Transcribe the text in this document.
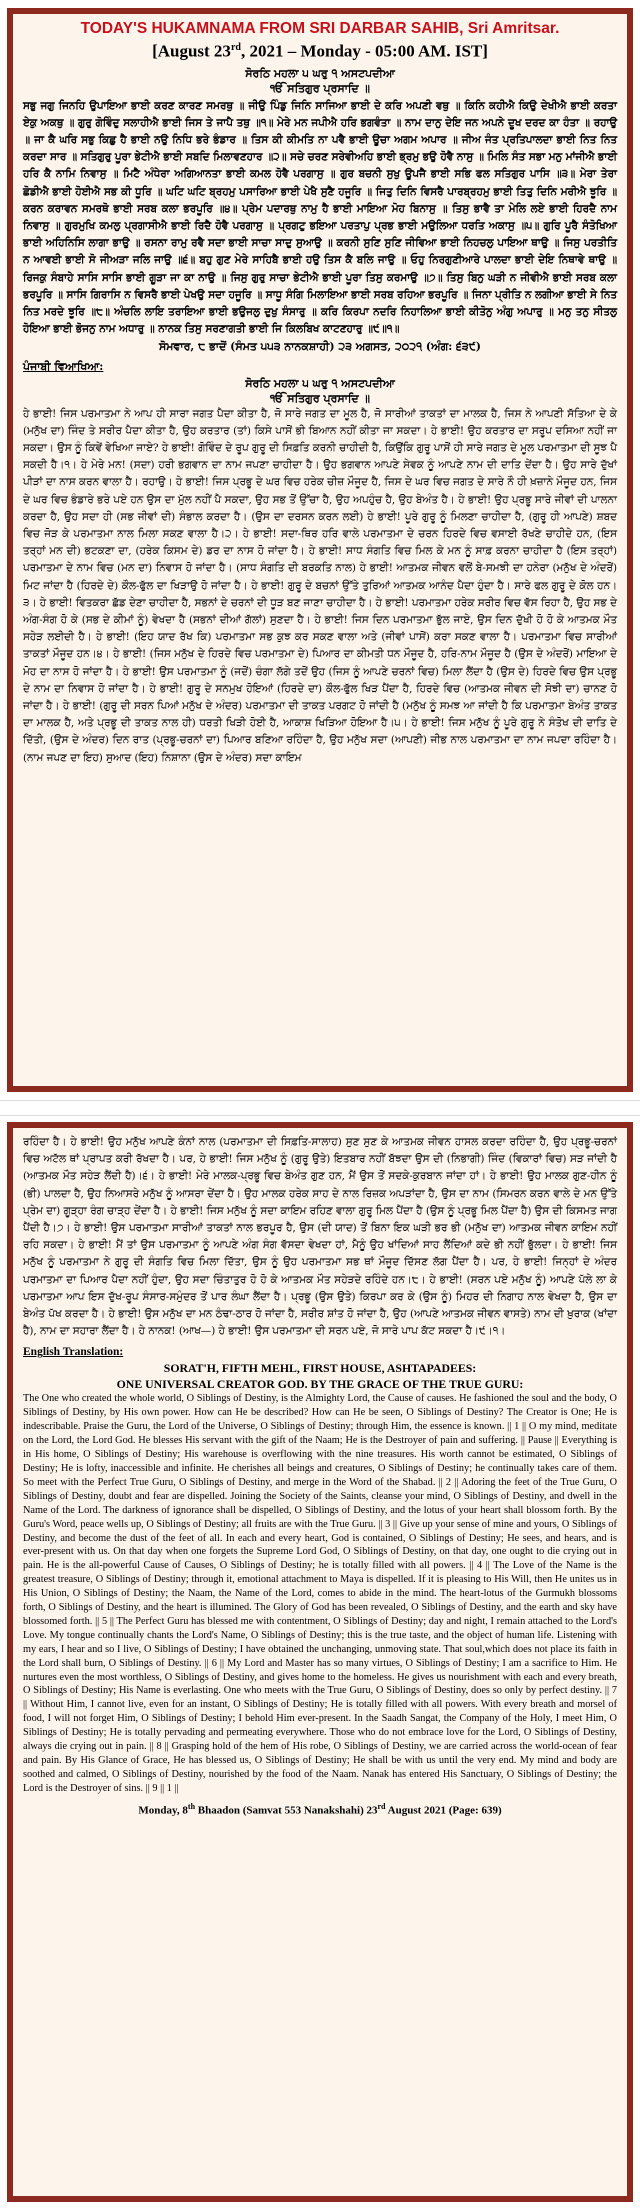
TODAY'S HUKAMNAMA FROM SRI DARBAR SAHIB, Sri Amritsar.
[August 23rd, 2021 – Monday - 05:00 AM. IST]
ਸੋਰਠਿ ਮਹਲਾ ੫ ਘਰੁ ੧ ਅਸਟਪਦੀਆ
ੴ ਸਤਿਗੁਰ ਪ੍ਰਸਾਦਿ ॥
ਸਭੁ ਜਗੁ ਜਿਨਹਿ ਉਪਾਇਆ ਭਾਈ ਕਰਣ ਕਾਰਣ ਸਮਰਥੁ ॥ ਜੀਉ ਪਿੰਡੁ ਜਿਨਿ ਸਾਜਿਆ ਭਾਈ ਦੇ ਕਰਿ ਅਪਣੀ ਵਥੁ ॥ ਕਿਨਿ ਕਹੀਐ ਕਿਉ ਦੇਖੀਐ ਭਾਈ ਕਰਤਾ ਏਕੁ ਅਕਥੁ ॥ ਗੁਰੁ ਗੋਵਿੰਦੁ ਸਲਾਹੀਐ ਭਾਈ ਜਿਸ ਤੇ ਜਾਪੈ ਤਥੁ ॥੧॥ ਮੇਰੇ ਮਨ ਜਪੀਐ ਹਰਿ ਭਗਵੰਤਾ ॥ ਨਾਮ ਦਾਨੁ ਦੇਇ ਜਨ ਅਪਨੇ ਦੂਖ ਦਰਦ ਕਾ ਹੰਤਾ ॥ ਰਹਾਉ ॥ ਜਾ ਕੈ ਘਰਿ ਸਭੁ ਕਿਛੁ ਹੈ ਭਾਈ ਨਉ ਨਿਧਿ ਭਰੇ ਭੰਡਾਰ ॥ ਤਿਸ ਕੀ ਕੀਮਤਿ ਨਾ ਪਵੈ ਭਾਈ ਊਚਾ ਅਗਮ ਅਪਾਰ ॥ ਜੀਅ ਜੰਤ ਪ੍ਰਤਿਪਾਲਦਾ ਭਾਈ ਨਿਤ ਨਿਤ ਕਰਦਾ ਸਾਰ ॥ ਸਤਿਗੁਰੁ ਪੂਰਾ ਭੇਟੀਐ ਭਾਈ ਸਬਦਿ ਮਿਲਾਵਣਹਾਰ ॥੨॥ ਸਚੇ ਚਰਣ ਸਰੇਵੀਅਹਿ ਭਾਈ ਭ੍ਰਮੁ ਭਉ ਹੋਵੈ ਨਾਸੁ ॥ ਮਿਲਿ ਸੰਤ ਸਭਾ ਮਨੁ ਮਾਂਜੀਐ ਭਾਈ ਹਰਿ ਕੈ ਨਾਮਿ ਨਿਵਾਸੁ ॥ ਮਿਟੈ ਅੰਧੇਰਾ ਅਗਿਆਨਤਾ ਭਾਈ ਕਮਲ ਹੋਵੈ ਪਰਗਾਸੁ ॥ ਗੁਰ ਬਚਨੀ ਸੁਖੁ ਊਪਜੈ ਭਾਈ ਸਭਿ ਫਲ ਸਤਿਗੁਰ ਪਾਸਿ ॥੩॥ ਮੇਰਾ ਤੇਰਾ ਛੋਡੀਐ ਭਾਈ ਹੋਈਐ ਸਭ ਕੀ ਧੂਰਿ ॥ ਘਟਿ ਘਟਿ ਬ੍ਰਹਮੁ ਪਸਾਰਿਆ ਭਾਈ ਪੇਖੈ ਸੁਣੈ ਹਜੂਰਿ ॥ ਜਿਤੁ ਦਿਨਿ ਵਿਸਰੈ ਪਾਰਬ੍ਰਹਮੁ ਭਾਈ ਤਿਤੁ ਦਿਨਿ ਮਰੀਐ ਝੂਰਿ ॥ ਕਰਨ ਕਰਾਵਨ ਸਮਰਥੋ ਭਾਈ ਸਰਬ ਕਲਾ ਭਰਪੂਰਿ ॥੪॥ ਪ੍ਰੇਮ ਪਦਾਰਥੁ ਨਾਮੁ ਹੈ ਭਾਈ ਮਾਇਆ ਮੋਹ ਬਿਨਾਸੁ ॥ ਤਿਸੁ ਭਾਵੈ ਤਾ ਮੇਲਿ ਲਏ ਭਾਈ ਹਿਰਦੈ ਨਾਮ ਨਿਵਾਸੁ ॥ ਗੁਰਮੁਖਿ ਕਮਲੁ ਪ੍ਰਗਾਸੀਐ ਭਾਈ ਰਿਦੈ ਹੋਵੈ ਪਰਗਾਸੁ ॥ ਪ੍ਰਗਟੁ ਭਇਆ ਪਰਤਾਪੁ ਪ੍ਰਭ ਭਾਈ ਮਉਲਿਆ ਧਰਤਿ ਅਕਾਸੁ ॥੫॥ ਗੁਰਿ ਪੂਰੈ ਸੰਤੋਖਿਆ ਭਾਈ ਅਹਿਨਿਸਿ ਲਾਗਾ ਭਾਉ ॥ ਰਸਨਾ ਰਾਮੁ ਰਵੈ ਸਦਾ ਭਾਈ ਸਾਚਾ ਸਾਦੁ ਸੁਆਉ ॥ ਕਰਨੀ ਸੁਣਿ ਸੁਣਿ ਜੀਵਿਆ ਭਾਈ ਨਿਹਚਲੁ ਪਾਇਆ ਥਾਉ ॥ ਜਿਸੁ ਪਰਤੀਤਿ ਨ ਆਵਈ ਭਾਈ ਸੋ ਜੀਅੜਾ ਜਲਿ ਜਾਉ ॥੬॥ ਬਹੁ ਗੁਣ ਮੇਰੇ ਸਾਹਿਬੈ ਭਾਈ ਹਉ ਤਿਸ ਕੈ ਬਲਿ ਜਾਉ ॥ ਓਹੁ ਨਿਰਗੁਣੀਆਰੇ ਪਾਲਦਾ ਭਾਈ ਦੇਇ ਨਿਥਾਵੇ ਥਾਉ ॥ ਰਿਜਕੁ ਸੰਬਾਹੇ ਸਾਸਿ ਸਾਸਿ ਭਾਈ ਗੂੜਾ ਜਾ ਕਾ ਨਾਉ ॥ ਜਿਸੁ ਗੁਰੁ ਸਾਚਾ ਭੇਟੀਐ ਭਾਈ ਪੂਰਾ ਤਿਸੁ ਕਰਮਾਉ ॥੭॥ ਤਿਸੁ ਬਿਨੁ ਘੜੀ ਨ ਜੀਵੀਐ ਭਾਈ ਸਰਬ ਕਲਾ ਭਰਪੂਰਿ ॥ ਸਾਸਿ ਗਿਰਾਸਿ ਨ ਵਿਸਰੈ ਭਾਈ ਪੇਖਉ ਸਦਾ ਹਜੂਰਿ ॥ ਸਾਧੂ ਸੰਗਿ ਮਿਲਾਇਆ ਭਾਈ ਸਰਬ ਰਹਿਆ ਭਰਪੂਰਿ ॥ ਜਿਨਾ ਪ੍ਰੀਤਿ ਨ ਲਗੀਆ ਭਾਈ ਸੇ ਨਿਤ ਨਿਤ ਮਰਦੇ ਝੂਰਿ ॥੮॥ ਅੰਚਲਿ ਲਾਇ ਤਰਾਇਆ ਭਾਈ ਭਉਜਲੁ ਦੁਖੁ ਸੰਸਾਰੁ ॥ ਕਰਿ ਕਿਰਪਾ ਨਦਰਿ ਨਿਹਾਲਿਆ ਭਾਈ ਕੀਤੋਨੁ ਅੰਗੁ ਅਪਾਰੁ ॥ ਮਨੁ ਤਨੁ ਸੀਤਲੁ ਹੋਇਆ ਭਾਈ ਭੋਜਨੁ ਨਾਮ ਅਧਾਰੁ ॥ ਨਾਨਕ ਤਿਸੁ ਸਰਣਾਗਤੀ ਭਾਈ ਜਿ ਕਿਲਬਿਖ ਕਾਟਣਹਾਰੁ ॥੯॥੧॥
ਸੋਮਵਾਰ, ੮ ਭਾਦੋਂ (ਸੰਮਤ ੫੫੩ ਨਾਨਕਸ਼ਾਹੀ) ੨੩ ਅਗਸਤ, ੨੦੨੧ (ਅੰਗ: ੬੩੯)
ਪੰਜਾਬੀ ਵਿਆਖਿਆ:
ਸੋਰਠਿ ਮਹਲਾ ੫ ਘਰੁ ੧ ਅਸਟਪਦੀਆ
ੴ ਸਤਿਗੁਰ ਪ੍ਰਸਾਦਿ ॥
ਹੇ ਭਾਈ! ਜਿਸ ਪਰਮਾਤਮਾ ਨੇ ਆਪ ਹੀ ਸਾਰਾ ਜਗਤ ਪੈਦਾ ਕੀਤਾ ਹੈ, ਜੋ ਸਾਰੇ ਜਗਤ ਦਾ ਮੂਲ ਹੈ, ਜੋ ਸਾਰੀਆਂ ਤਾਕਤਾਂ ਦਾ ਮਾਲਕ ਹੈ, ਜਿਸ ਨੇ ਆਪਣੀ ਸੱਤਿਆ ਦੇ ਕੇ (ਮਨੁੱਖ ਦਾ) ਜਿੰਦ ਤੇ ਸਰੀਰ ਪੈਦਾ ਕੀਤਾ ਹੈ, ਉਹ ਕਰਤਾਰ (ਤਾਂ) ਕਿਸੇ ਪਾਸੋਂ ਭੀ ਬਿਆਨ ਨਹੀਂ ਕੀਤਾ ਜਾ ਸਕਦਾ। ਹੇ ਭਾਈ! ਉਹ ਕਰਤਾਰ ਦਾ ਸਰੂਪ ਦਸਿਆ ਨਹੀਂ ਜਾ ਸਕਦਾ। ਉਸ ਨੂੰ ਕਿਵੇਂ ਵੇਖਿਆ ਜਾਏ? ਹੇ ਭਾਈ! ਗੋਵਿੰਦ ਦੇ ਰੂਪ ਗੁਰੂ ਦੀ ਸਿਫ਼ਤਿ ਕਰਨੀ ਚਾਹੀਦੀ ਹੈ, ਕਿਉਂਕਿ ਗੁਰੂ ਪਾਸੋਂ ਹੀ ਸਾਰੇ ਜਗਤ ਦੇ ਮੂਲ ਪਰਮਾਤਮਾ ਦੀ ਸੂਝ ਪੈ ਸਕਦੀ ਹੈ।੧। ਹੇ ਮੇਰੇ ਮਨ! (ਸਦਾ) ਹਰੀ ਭਗਵਾਨ ਦਾ ਨਾਮ ਜਪਣਾ ਚਾਹੀਦਾ ਹੈ। ਉਹ ਭਗਵਾਨ ਆਪਣੇ ਸੇਵਕ ਨੂੰ ਆਪਣੇ ਨਾਮ ਦੀ ਦਾਤਿ ਦੇਂਦਾ ਹੈ। ਉਹ ਸਾਰੇ ਦੁੱਖਾਂ ਪੀੜਾਂ ਦਾ ਨਾਸ ਕਰਨ ਵਾਲਾ ਹੈ। ਰਹਾਉ। ਹੇ ਭਾਈ! ਜਿਸ ਪ੍ਰਭੂ ਦੇ ਘਰ ਵਿਚ ਹਰੇਕ ਚੀਜ਼ ਮੌਜੂਦ ਹੈ, ਜਿਸ ਦੇ ਘਰ ਵਿਚ ਜਗਤ ਦੇ ਸਾਰੇ ਨੌ ਹੀ ਖ਼ਜ਼ਾਨੇ ਮੌਜੂਦ ਹਨ, ਜਿਸ ਦੇ ਘਰ ਵਿਚ ਭੰਡਾਰੇ ਭਰੇ ਪਏ ਹਨ ਉਸ ਦਾ ਮੁੱਲ ਨਹੀਂ ਪੈ ਸਕਦਾ, ਉਹ ਸਭ ਤੋਂ ਉੱਚਾ ਹੈ, ਉਹ ਅਪਹੁੰਚ ਹੈ, ਉਹ ਬੇਅੰਤ ਹੈ। ਹੇ ਭਾਈ! ਉਹ ਪ੍ਰਭੂ ਸਾਰੇ ਜੀਵਾਂ ਦੀ ਪਾਲਨਾ ਕਰਦਾ ਹੈ, ਉਹ ਸਦਾ ਹੀ (ਸਭ ਜੀਵਾਂ ਦੀ) ਸੰਭਾਲ ਕਰਦਾ ਹੈ। (ਉਸ ਦਾ ਦਰਸਨ ਕਰਨ ਲਈ) ਹੇ ਭਾਈ! ਪੂਰੇ ਗੁਰੂ ਨੂੰ ਮਿਲਣਾ ਚਾਹੀਦਾ ਹੈ, (ਗੁਰੂ ਹੀ ਆਪਣੇ) ਸ਼ਬਦ ਵਿਚ ਜੋੜ ਕੇ ਪਰਮਾਤਮਾ ਨਾਲ ਮਿਲਾ ਸਕਣ ਵਾਲਾ ਹੈ।੨। ਹੇ ਭਾਈ! ਸਦਾ-ਥਿਰ ਹਰਿ ਵਾਲੇ ਪਰਮਾਤਮਾ ਦੇ ਚਰਨ ਹਿਰਦੇ ਵਿਚ ਵਸਾਈ ਰੱਖਣੇ ਚਾਹੀਦੇ ਹਨ, (ਇਸ ਤਰ੍ਹਾਂ ਮਨ ਦੀ) ਭਟਕਣਾ ਦਾ, (ਹਰੇਕ ਕਿਸਮ ਦੇ) ਡਰ ਦਾ ਨਾਸ ਹੋ ਜਾਂਦਾ ਹੈ। ਹੇ ਭਾਈ! ਸਾਧ ਸੰਗਤਿ ਵਿਚ ਮਿਲ ਕੇ ਮਨ ਨੂੰ ਸਾਫ਼ ਕਰਨਾ ਚਾਹੀਦਾ ਹੈ (ਇਸ ਤਰ੍ਹਾਂ) ਪਰਮਾਤਮਾ ਦੇ ਨਾਮ ਵਿਚ (ਮਨ ਦਾ) ਨਿਵਾਸ ਹੋ ਜਾਂਦਾ ਹੈ। (ਸਾਧ ਸੰਗਤਿ ਦੀ ਬਰਕਤਿ ਨਾਲ) ਹੇ ਭਾਈ! ਆਤਮਕ ਜੀਵਨ ਵਲੋਂ ਬੇ-ਸਮਝੀ ਦਾ ਹਨੇਰਾ (ਮਨੁੱਖ ਦੇ ਅੰਦਰੋਂ) ਮਿਟ ਜਾਂਦਾ ਹੈ (ਹਿਰਦੇ ਦੇ) ਕੌਲ-ਫੁੱਲ ਦਾ ਖਿੜਾਉ ਹੋ ਜਾਂਦਾ ਹੈ। ਹੇ ਭਾਈ! ਗੁਰੂ ਦੇ ਬਚਨਾਂ ਉੱਤੇ ਤੁਰਿਆਂ ਆਤਮਕ ਆਨੰਦ ਪੈਦਾ ਹੁੰਦਾ ਹੈ। ਸਾਰੇ ਫਲ ਗੁਰੂ ਦੇ ਕੋਲ ਹਨ।੩। ਹੇ ਭਾਈ! ਵਿਤਕਰਾ ਛੱਡ ਦੇਣਾ ਚਾਹੀਦਾ ਹੈ, ਸਭਨਾਂ ਦੇ ਚਰਨਾਂ ਦੀ ਧੂੜ ਬਣ ਜਾਣਾ ਚਾਹੀਦਾ ਹੈ। ਹੇ ਭਾਈ! ਪਰਮਾਤਮਾ ਹਰੇਕ ਸਰੀਰ ਵਿਚ ਵੱਸ ਰਿਹਾ ਹੈ, ਉਹ ਸਭ ਦੇ ਅੰਗ-ਸੰਗ ਹੋ ਕੇ (ਸਭ ਦੇ ਕੀਮਾਂ ਨੂੰ) ਵੇਖਦਾ ਹੈ (ਸਭਨਾਂ ਦੀਆਂ ਗੱਲਾਂ) ਸੁਣਦਾ ਹੈ। ਹੇ ਭਾਈ! ਜਿਸ ਦਿਨ ਪਰਮਾਤਮਾ ਭੁੱਲ ਜਾਏ, ਉਸ ਦਿਨ ਦੁੱਖੀ ਹੋ ਹੋ ਕੇ ਆਤਮਕ ਮੌਤ ਸਹੇੜ ਲਈਦੀ ਹੈ। ਹੇ ਭਾਈ! (ਇਹ ਯਾਦ ਰੱਖ ਕਿ) ਪਰਮਾਤਮਾ ਸਭ ਕੁਝ ਕਰ ਸਕਣ ਵਾਲਾ ਅਤੇ (ਜੀਵਾਂ ਪਾਸੋਂ) ਕਰਾ ਸਕਣ ਵਾਲਾ ਹੈ। ਪਰਮਾਤਮਾ ਵਿਚ ਸਾਰੀਆਂ ਤਾਕਤਾਂ ਮੌਜੂਦ ਹਨ।੪। ਹੇ ਭਾਈ! (ਜਿਸ ਮਨੁੱਖ ਦੇ ਹਿਰਦੇ ਵਿਚ ਪਰਮਾਤਮਾ ਦੇ) ਪਿਆਰ ਦਾ ਕੀਮਤੀ ਧਨ ਮੌਜੂਦ ਹੈ, ਹਰਿ-ਨਾਮ ਮੌਜੂਦ ਹੈ (ਉਸ ਦੇ ਅੰਦਰੋਂ) ਮਾਇਆ ਦੇ ਮੋਹ ਦਾ ਨਾਸ ਹੋ ਜਾਂਦਾ ਹੈ। ਹੇ ਭਾਈ! ਉਸ ਪਰਮਾਤਮਾ ਨੂੰ (ਜਦੋਂ) ਚੰਗਾ ਲੱਗੇ ਤਦੋਂ ਉਹ (ਜਿਸ ਨੂੰ ਆਪਣੇ ਚਰਨਾਂ ਵਿਚ) ਮਿਲਾ ਲੈਂਦਾ ਹੈ (ਉਸ ਦੇ) ਹਿਰਦੇ ਵਿਚ ਉਸ ਪ੍ਰਭੂ ਦੇ ਨਾਮ ਦਾ ਨਿਵਾਸ ਹੋ ਜਾਂਦਾ ਹੈ। ਹੇ ਭਾਈ! ਗੁਰੂ ਦੇ ਸਨਮੁਖ ਹੋਇਆਂ (ਹਿਰਦੇ ਦਾ) ਕੌਲ-ਫੁੱਲ ਖਿੜ ਪੈਂਦਾ ਹੈ, ਹਿਰਦੇ ਵਿਚ (ਆਤਮਕ ਜੀਵਨ ਦੀ ਸੋਝੀ ਦਾ) ਚਾਨਣ ਹੋ ਜਾਂਦਾ ਹੈ। ਹੇ ਭਾਈ! (ਗੁਰੂ ਦੀ ਸਰਨ ਪਿਆਂ ਮਨੁੱਖ ਦੇ ਅੰਦਰ) ਪਰਮਾਤਮਾ ਦੀ ਤਾਕਤ ਪਰਗਟ ਹੋ ਜਾਂਦੀ ਹੈ (ਮਨੁੱਖ ਨੂੰ ਸਮਝ ਆ ਜਾਂਦੀ ਹੈ ਕਿ ਪਰਮਾਤਮਾ ਬੇਅੰਤ ਤਾਕਤ ਦਾ ਮਾਲਕ ਹੈ, ਅਤੇ ਪ੍ਰਭੂ ਦੀ ਤਾਕਤ ਨਾਲ ਹੀ) ਧਰਤੀ ਖਿੜੀ ਹੋਈ ਹੈ, ਆਕਾਸ਼ ਖਿੜਿਆ ਹੋਇਆ ਹੈ।੫। ਹੇ ਭਾਈ! ਜਿਸ ਮਨੁੱਖ ਨੂੰ ਪੂਰੇ ਗੁਰੂ ਨੇ ਸੰਤੋਖ ਦੀ ਦਾਤਿ ਦੇ ਦਿੱਤੀ, (ਉਸ ਦੇ ਅੰਦਰ) ਦਿਨ ਰਾਤ (ਪ੍ਰਭੂ-ਚਰਨਾਂ ਦਾ) ਪਿਆਰ ਬਣਿਆ ਰਹਿੰਦਾ ਹੈ, ਉਹ ਮਨੁੱਖ ਸਦਾ (ਆਪਣੀ) ਜੀਭ ਨਾਲ ਪਰਮਾਤਮਾ ਦਾ ਨਾਮ ਜਪਦਾ ਰਹਿੰਦਾ ਹੈ। (ਨਾਮ ਜਪਣ ਦਾ ਇਹ) ਸੁਆਦ (ਇਹ) ਨਿਸ਼ਾਨਾ (ਉਸ ਦੇ ਅੰਦਰ) ਸਦਾ ਕਾਇਮ
ਰਹਿੰਦਾ ਹੈ। ਹੇ ਭਾਈ! ਉਹ ਮਨੁੱਖ ਆਪਣੇ ਕੰਨਾਂ ਨਾਲ (ਪਰਮਾਤਮਾ ਦੀ ਸਿਫ਼ਤਿ-ਸਾਲਾਹ) ਸੁਣ ਸੁਣ ਕੇ ਆਤਮਕ ਜੀਵਨ ਹਾਸਲ ਕਰਦਾ ਰਹਿੰਦਾ ਹੈ, ਉਹ ਪ੍ਰਭੂ-ਚਰਨਾਂ ਵਿਚ ਅਟੱਲ ਥਾਂ ਪ੍ਰਾਪਤ ਕਰੀ ਰੱਖਦਾ ਹੈ। ਪਰ, ਹੇ ਭਾਈ! ਜਿਸ ਮਨੁੱਖ ਨੂੰ (ਗੁਰੂ ਉਤੇ) ਇਤਬਾਰ ਨਹੀਂ ਬੱਝਦਾ ਉਸ ਦੀ (ਨਿਭਾਗੀ) ਜਿੰਦ (ਵਿਕਾਰਾਂ ਵਿਚ) ਸੜ ਜਾਂਦੀ ਹੈ (ਆਤਮਕ ਮੌਤ ਸਹੇੜ ਲੈਂਦੀ ਹੈ)।੬। ਹੇ ਭਾਈ! ਮੇਰੇ ਮਾਲਕ-ਪ੍ਰਭੂ ਵਿਚ ਬੇਅੰਤ ਗੁਣ ਹਨ, ਮੈਂ ਉਸ ਤੋਂ ਸਦਕੇ-ਕੁਰਬਾਨ ਜਾਂਦਾ ਹਾਂ। ਹੇ ਭਾਈ! ਉਹ ਮਾਲਕ ਗੁਣ-ਹੀਨ ਨੂੰ (ਭੀ) ਪਾਲਦਾ ਹੈ, ਉਹ ਨਿਆਸਰੇ ਮਨੁੱਖ ਨੂੰ ਆਸਰਾ ਦੇਂਦਾ ਹੈ। ਉਹ ਮਾਲਕ ਹਰੇਕ ਸਾਹ ਦੇ ਨਾਲ ਰਿਜ਼ਕ ਅਪੜਾਂਦਾ ਹੈ, ਉਸ ਦਾ ਨਾਮ (ਸਿਮਰਨ ਕਰਨ ਵਾਲੇ ਦੇ ਮਨ ਉੱਤੇ ਪ੍ਰੇਮ ਦਾ) ਗੂੜ੍ਹਾ ਰੰਗ ਚਾੜ੍ਹ ਦੇਂਦਾ ਹੈ। ਹੇ ਭਾਈ! ਜਿਸ ਮਨੁੱਖ ਨੂੰ ਸਦਾ ਕਾਇਮ ਰਹਿਣ ਵਾਲਾ ਗੁਰੂ ਮਿਲ ਪੈਂਦਾ ਹੈ (ਉਸ ਨੂੰ ਪ੍ਰਭੂ ਮਿਲ ਪੈਂਦਾ ਹੈ) ਉਸ ਦੀ ਕਿਸਮਤ ਜਾਗ ਪੈਂਦੀ ਹੈ।੭। ਹੇ ਭਾਈ! ਉਸ ਪਰਮਾਤਮਾ ਸਾਰੀਆਂ ਤਾਕਤਾਂ ਨਾਲ ਭਰਪੂਰ ਹੈ, ਉਸ (ਦੀ ਯਾਦ) ਤੋਂ ਬਿਨਾ ਇਕ ਘੜੀ ਭਰ ਭੀ (ਮਨੁੱਖ ਦਾ) ਆਤਮਕ ਜੀਵਨ ਕਾਇਮ ਨਹੀਂ ਰਹਿ ਸਕਦਾ। ਹੇ ਭਾਈ! ਮੈਂ ਤਾਂ ਉਸ ਪਰਮਾਤਮਾ ਨੂੰ ਆਪਣੇ ਅੰਗ ਸੰਗ ਵੱਸਦਾ ਵੇਖਦਾ ਹਾਂ, ਮੈਨੂੰ ਉਹ ਖਾਂਦਿਆਂ ਸਾਹ ਲੈਂਦਿਆਂ ਕਦੇ ਭੀ ਨਹੀਂ ਭੁੱਲਦਾ। ਹੇ ਭਾਈ! ਜਿਸ ਮਨੁੱਖ ਨੂੰ ਪਰਮਾਤਮਾ ਨੇ ਗੁਰੂ ਦੀ ਸੰਗਤਿ ਵਿਚ ਮਿਲਾ ਦਿੱਤਾ, ਉਸ ਨੂੰ ਉਹ ਪਰਮਾਤਮਾ ਸਭ ਥਾਂ ਮੌਜੂਦ ਦਿੱਸਣ ਲੱਗ ਪੈਂਦਾ ਹੈ। ਪਰ, ਹੇ ਭਾਈ! ਜਿਨ੍ਹਾਂ ਦੇ ਅੰਦਰ ਪਰਮਾਤਮਾ ਦਾ ਪਿਆਰ ਪੈਦਾ ਨਹੀਂ ਹੁੰਦਾ, ਉਹ ਸਦਾ ਚਿੰਤਾਤੁਰ ਹੋ ਹੋ ਕੇ ਆਤਮਕ ਮੌਤ ਸਹੇੜਦੇ ਰਹਿੰਦੇ ਹਨ।੮। ਹੇ ਭਾਈ! (ਸਰਨ ਪਏ ਮਨੁੱਖ ਨੂੰ) ਆਪਣੇ ਪੱਲੇ ਲਾ ਕੇ ਪਰਮਾਤਮਾ ਆਪ ਇਸ ਦੁੱਖ-ਰੂਪ ਸੰਸਾਰ-ਸਮੁੰਦਰ ਤੋਂ ਪਾਰ ਲੰਘਾ ਲੈਂਦਾ ਹੈ। ਪ੍ਰਭੂ (ਉਸ ਉਤੇ) ਕਿਰਪਾ ਕਰ ਕੇ (ਉਸ ਨੂੰ) ਮਿਹਰ ਦੀ ਨਿਗਾਹ ਨਾਲ ਵੇਖਦਾ ਹੈ, ਉਸ ਦਾ ਬੇਅੰਤ ਪੱਖ ਕਰਦਾ ਹੈ। ਹੇ ਭਾਈ! ਉਸ ਮਨੁੱਖ ਦਾ ਮਨ ਠੰਢਾ-ਠਾਰ ਹੋ ਜਾਂਦਾ ਹੈ, ਸਰੀਰ ਸ਼ਾਂਤ ਹੋ ਜਾਂਦਾ ਹੈ, ਉਹ (ਆਪਣੇ ਆਤਮਕ ਜੀਵਨ ਵਾਸਤੇ) ਨਾਮ ਦੀ ਖ਼ੁਰਾਕ (ਖਾਂਦਾ ਹੈ), ਨਾਮ ਦਾ ਸਹਾਰਾ ਲੈਂਦਾ ਹੈ। ਹੇ ਨਾਨਕ! (ਆਖ—) ਹੇ ਭਾਈ! ਉਸ ਪਰਮਾਤਮਾ ਦੀ ਸਰਨ ਪਏ, ਜੋ ਸਾਰੇ ਪਾਪ ਕੱਟ ਸਕਦਾ ਹੈ।੯।੧।
English Translation:
SORAT'H, FIFTH MEHL, FIRST HOUSE, ASHTAPADEES:
ONE UNIVERSAL CREATOR GOD. BY THE GRACE OF THE TRUE GURU:
The One who created the whole world, O Siblings of Destiny, is the Almighty Lord, the Cause of causes. He fashioned the soul and the body, O Siblings of Destiny, by His own power. How can He be described? How can He be seen, O Siblings of Destiny? The Creator is One; He is indescribable. Praise the Guru, the Lord of the Universe, O Siblings of Destiny; through Him, the essence is known. || 1 || O my mind, meditate on the Lord, the Lord God. He blesses His servant with the gift of the Naam; He is the Destroyer of pain and suffering. || Pause || Everything is in His home, O Siblings of Destiny; His warehouse is overflowing with the nine treasures. His worth cannot be estimated, O Siblings of Destiny; He is lofty, inaccessible and infinite. He cherishes all beings and creatures, O Siblings of Destiny; he continually takes care of them. So meet with the Perfect True Guru, O Siblings of Destiny, and merge in the Word of the Shabad. || 2 || Adoring the feet of the True Guru, O Siblings of Destiny, doubt and fear are dispelled. Joining the Society of the Saints, cleanse your mind, O Siblings of Destiny, and dwell in the Name of the Lord. The darkness of ignorance shall be dispelled, O Siblings of Destiny, and the lotus of your heart shall blossom forth. By the Guru's Word, peace wells up, O Siblings of Destiny; all fruits are with the True Guru. || 3 || Give up your sense of mine and yours, O Siblings of Destiny, and become the dust of the feet of all. In each and every heart, God is contained, O Siblings of Destiny; He sees, and hears, and is ever-present with us. On that day when one forgets the Supreme Lord God, O Siblings of Destiny, on that day, one ought to die crying out in pain. He is the all-powerful Cause of Causes, O Siblings of Destiny; he is totally filled with all powers. || 4 || The Love of the Name is the greatest treasure, O Siblings of Destiny; through it, emotional attachment to Maya is dispelled. If it is pleasing to His Will, then He unites us in His Union, O Siblings of Destiny; the Naam, the Name of the Lord, comes to abide in the mind. The heart-lotus of the Gurmukh blossoms forth, O Siblings of Destiny, and the heart is illumined. The Glory of God has been revealed, O Siblings of Destiny, and the earth and sky have blossomed forth. || 5 || The Perfect Guru has blessed me with contentment, O Siblings of Destiny; day and night, I remain attached to the Lord's Love. My tongue continually chants the Lord's Name, O Siblings of Destiny; this is the true taste, and the object of human life. Listening with my ears, I hear and so I live, O Siblings of Destiny; I have obtained the unchanging, unmoving state. That soul,which does not place its faith in the Lord shall burn, O Siblings of Destiny. || 6 || My Lord and Master has so many virtues, O Siblings of Destiny; I am a sacrifice to Him. He nurtures even the most worthless, O Siblings of Destiny, and gives home to the homeless. He gives us nourishment with each and every breath, O Siblings of Destiny; His Name is everlasting. One who meets with the True Guru, O Siblings of Destiny, does so only by perfect destiny. || 7 || Without Him, I cannot live, even for an instant, O Siblings of Destiny; He is totally filled with all powers. With every breath and morsel of food, I will not forget Him, O Siblings of Destiny; I behold Him ever-present. In the Saadh Sangat, the Company of the Holy, I meet Him, O Siblings of Destiny; He is totally pervading and permeating everywhere. Those who do not embrace love for the Lord, O Siblings of Destiny, always die crying out in pain. || 8 || Grasping hold of the hem of His robe, O Siblings of Destiny, we are carried across the world-ocean of fear and pain. By His Glance of Grace, He has blessed us, O Siblings of Destiny; He shall be with us until the very end. My mind and body are soothed and calmed, O Siblings of Destiny, nourished by the food of the Naam. Nanak has entered His Sanctuary, O Siblings of Destiny; the Lord is the Destroyer of sins. || 9 || 1 ||
Monday, 8th Bhaadon (Samvat 553 Nanakshahi) 23rd August 2021 (Page: 639)
